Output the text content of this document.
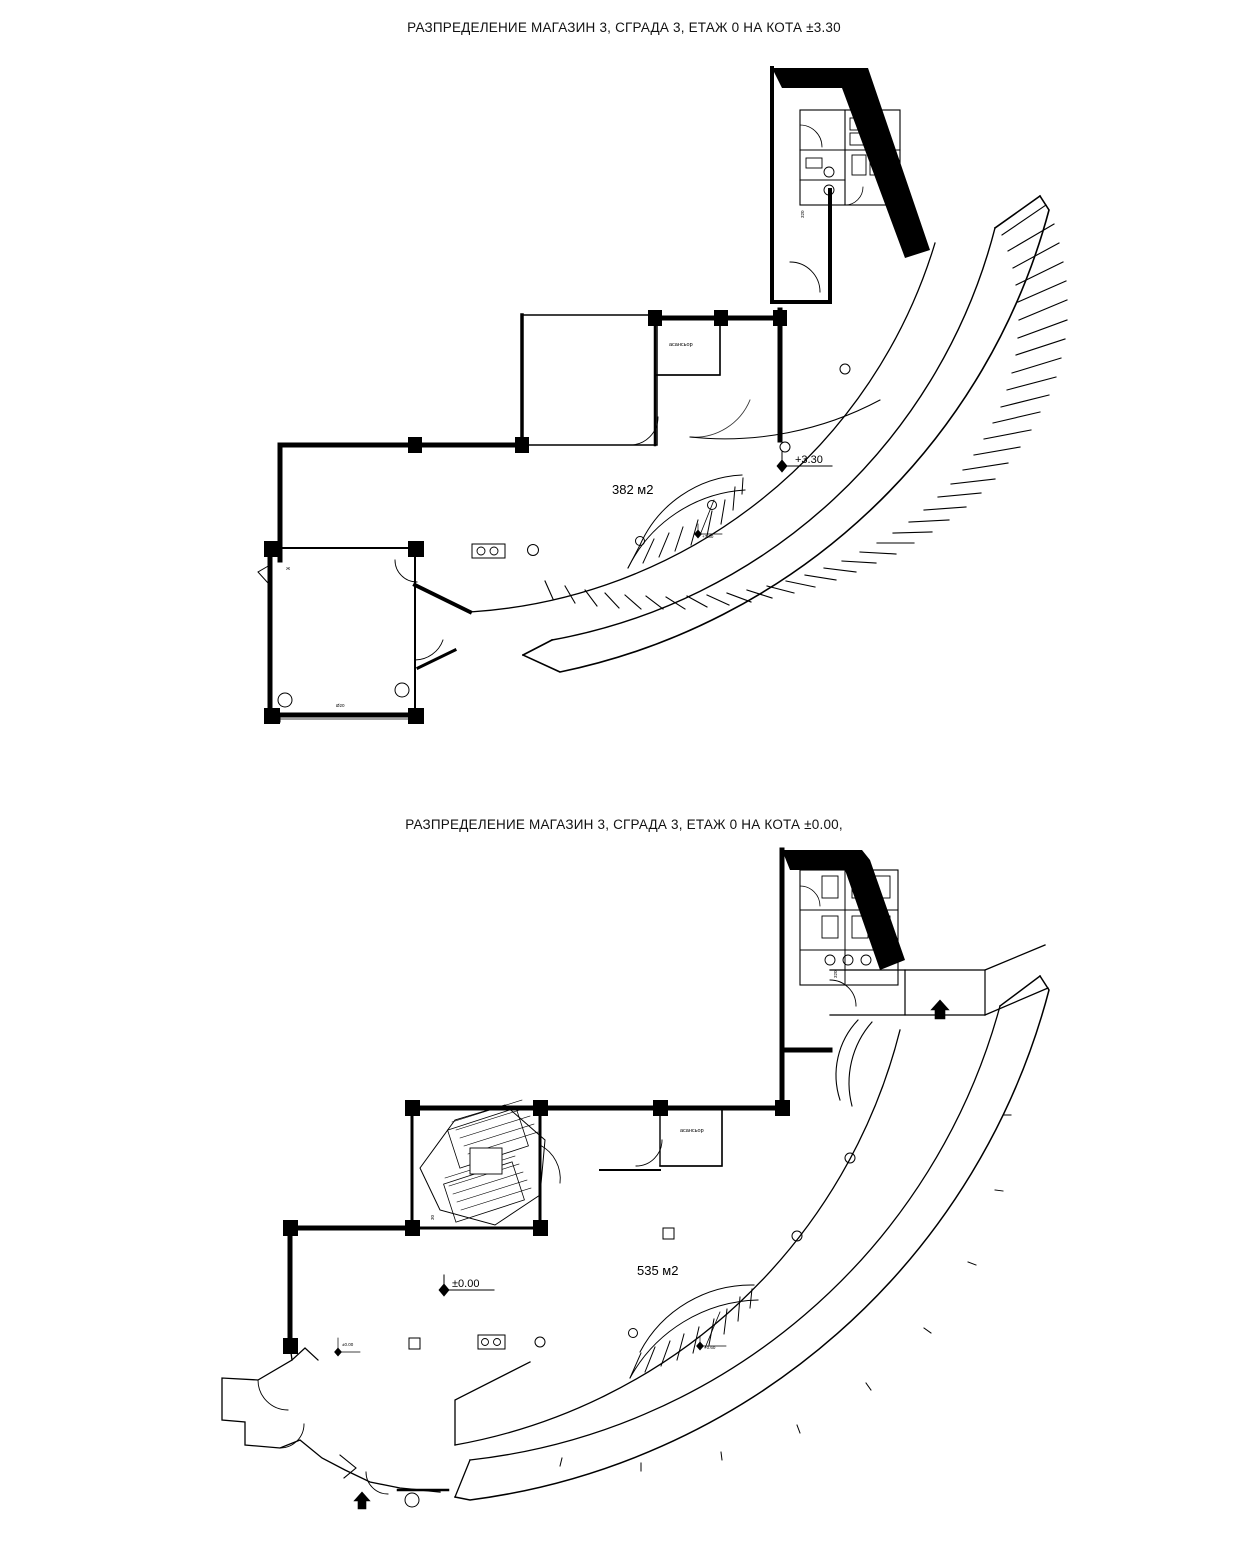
РАЗПРЕДЕЛЕНИЕ МАГАЗИН 3, СГРАДА 3, ЕТАЖ 0 НА КОТА ±3.30
382 м2
+3.30
асансьор
Ø20
Ж
+3.30
320
РАЗПРЕДЕЛЕНИЕ МАГАЗИН 3, СГРАДА 3, ЕТАЖ 0 НА КОТА ±0.00,
535 м2
±0.00
±0.00
асансьор
+0.60
320
30
